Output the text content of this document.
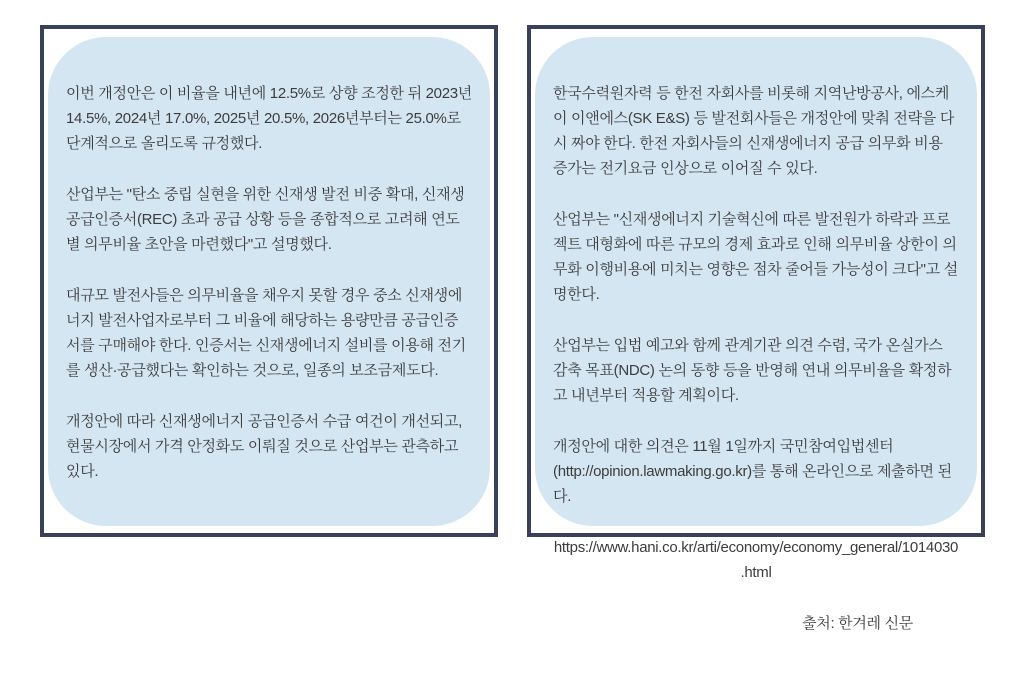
이번 개정안은 이 비율을 내년에 12.5%로 상향 조정한 뒤 2023년 14.5%, 2024년 17.0%, 2025년 20.5%, 2026년부터는 25.0%로 단계적으로 올리도록 규정했다.

산업부는 "탄소 중립 실현을 위한 신재생 발전 비중 확대, 신재생공급인증서(REC) 초과 공급 상황 등을 종합적으로 고려해 연도별 의무비율 초안을 마련했다"고 설명했다.

대규모 발전사들은 의무비율을 채우지 못할 경우 중소 신재생에너지 발전사업자로부터 그 비율에 해당하는 용량만큼 공급인증서를 구매해야 한다. 인증서는 신재생에너지 설비를 이용해 전기를 생산·공급했다는 확인하는 것으로, 일종의 보조금제도다.

개정안에 따라 신재생에너지 공급인증서 수급 여건이 개선되고, 현물시장에서 가격 안정화도 이뤄질 것으로 산업부는 관측하고 있다.

한국수력원자력 등 한전 자회사를 비롯해 지역난방공사, 에스케이 이앤에스(SK E&S) 등 발전회사들은 개정안에 맞춰 전략을 다시 짜야 한다. 한전 자회사들의 신재생에너지 공급 의무화 비용 증가는 전기요금 인상으로 이어질 수 있다.

산업부는 "신재생에너지 기술혁신에 따른 발전원가 하락과 프로젝트 대형화에 따른 규모의 경제 효과로 인해 의무비율 상한이 의무화 이행비용에 미치는 영향은 점차 줄어들 가능성이 크다"고 설명한다.

산업부는 입법 예고와 함께 관계기관 의견 수렴, 국가 온실가스 감축 목표(NDC) 논의 동향 등을 반영해 연내 의무비율을 확정하고 내년부터 적용할 계획이다.

개정안에 대한 의견은 11월 1일까지 국민참여입법센터 (http://opinion.lawmaking.go.kr)를 통해 온라인으로 제출하면 된다.

https://www.hani.co.kr/arti/economy/economy_general/1014030.html

출처: 한겨레 신문
